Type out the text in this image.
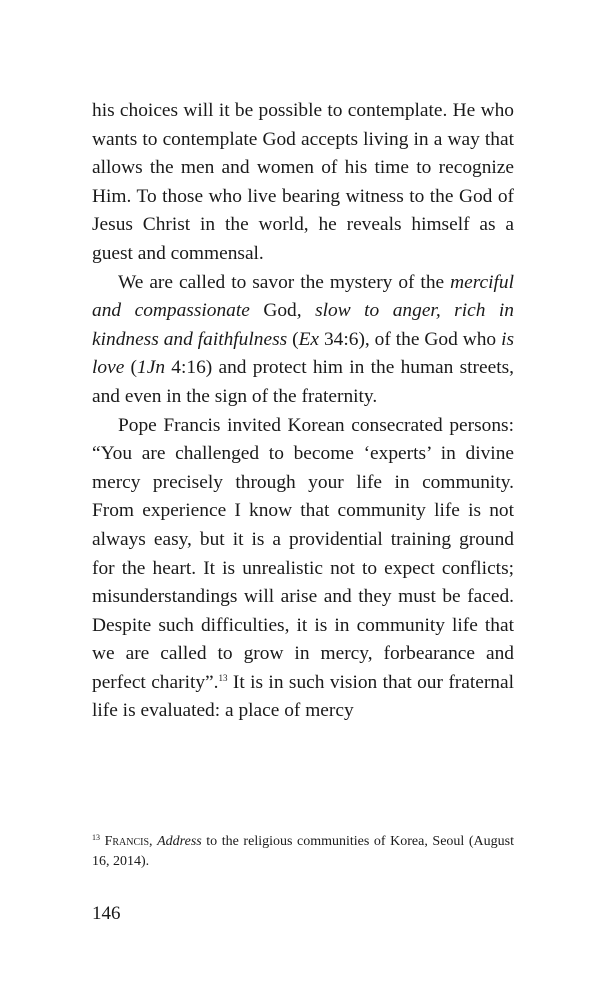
his choices will it be possible to contemplate. He who wants to contemplate God accepts living in a way that allows the men and women of his time to recognize Him. To those who live bearing witness to the God of Jesus Christ in the world, he reveals himself as a guest and commensal.

We are called to savor the mystery of the merciful and compassionate God, slow to anger, rich in kindness and faithfulness (Ex 34:6), of the God who is love (1Jn 4:16) and protect him in the human streets, and even in the sign of the fraternity.

Pope Francis invited Korean consecrated persons: “You are challenged to become ‘experts’ in divine mercy precisely through your life in community. From experience I know that community life is not always easy, but it is a providential training ground for the heart. It is unrealistic not to expect conflicts; misunderstandings will arise and they must be faced. Despite such difficulties, it is in community life that we are called to grow in mercy, forbearance and perfect charity”.$^{13}$ It is in such vision that our fraternal life is evaluated: a place of mercy

$^{13}$ Francis, Address to the religious communities of Korea, Seoul (August 16, 2014).

146
